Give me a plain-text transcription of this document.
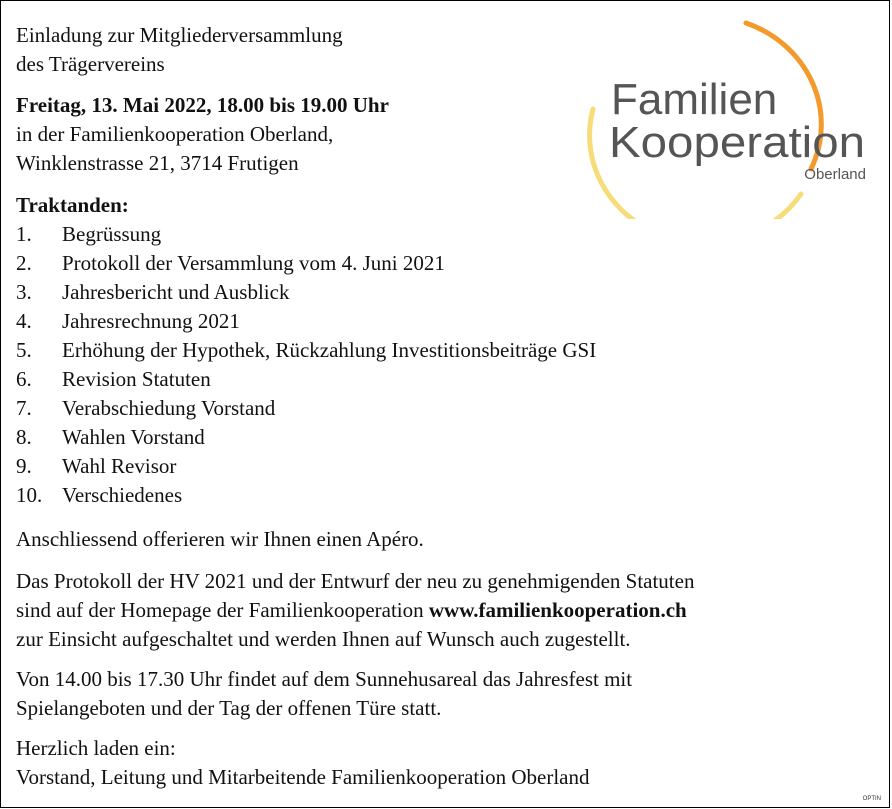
Einladung zur Mitgliederversammlung
des Trägervereins
Freitag, 13. Mai 2022, 18.00 bis 19.00 Uhr
in der Familienkooperation Oberland,
Winklenstrasse 21, 3714 Frutigen
Traktanden:
1. Begrüssung
2. Protokoll der Versammlung vom 4. Juni 2021
3. Jahresbericht und Ausblick
4. Jahresrechnung 2021
5. Erhöhung der Hypothek, Rückzahlung Investitionsbeiträge GSI
6. Revision Statuten
7. Verabschiedung Vorstand
8. Wahlen Vorstand
9. Wahl Revisor
10. Verschiedenes
Anschliessend offerieren wir Ihnen einen Apéro.
Das Protokoll der HV 2021 und der Entwurf der neu zu genehmigenden Statuten
sind auf der Homepage der Familienkooperation www.familienkooperation.ch
zur Einsicht aufgeschaltet und werden Ihnen auf Wunsch auch zugestellt.
Von 14.00 bis 17.30 Uhr findet auf dem Sunnehusareal das Jahresfest mit
Spielangeboten und der Tag der offenen Türe statt.
Herzlich laden ein:
Vorstand, Leitung und Mitarbeitende Familienkooperation Oberland
Familien
Kooperation
Oberland
OPTIN
